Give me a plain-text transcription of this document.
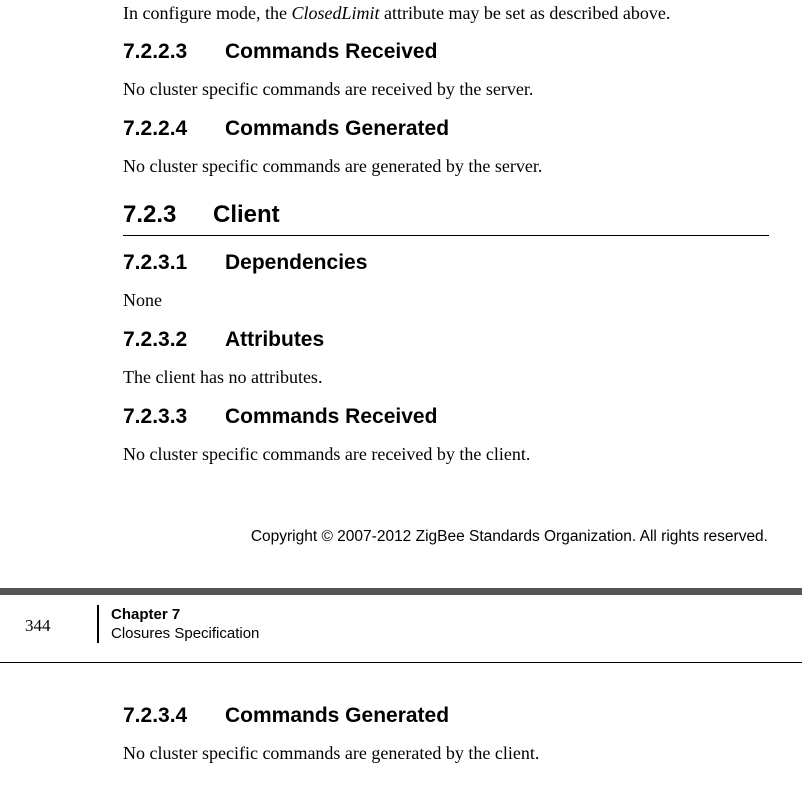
In configure mode, the ClosedLimit attribute may be set as described above.
7.2.2.3 Commands Received
No cluster specific commands are received by the server.
7.2.2.4 Commands Generated
No cluster specific commands are generated by the server.
7.2.3 Client
7.2.3.1 Dependencies
None
7.2.3.2 Attributes
The client has no attributes.
7.2.3.3 Commands Received
No cluster specific commands are received by the client.
Copyright © 2007-2012 ZigBee Standards Organization. All rights reserved.
344
Chapter 7
Closures Specification
7.2.3.4 Commands Generated
No cluster specific commands are generated by the client.
